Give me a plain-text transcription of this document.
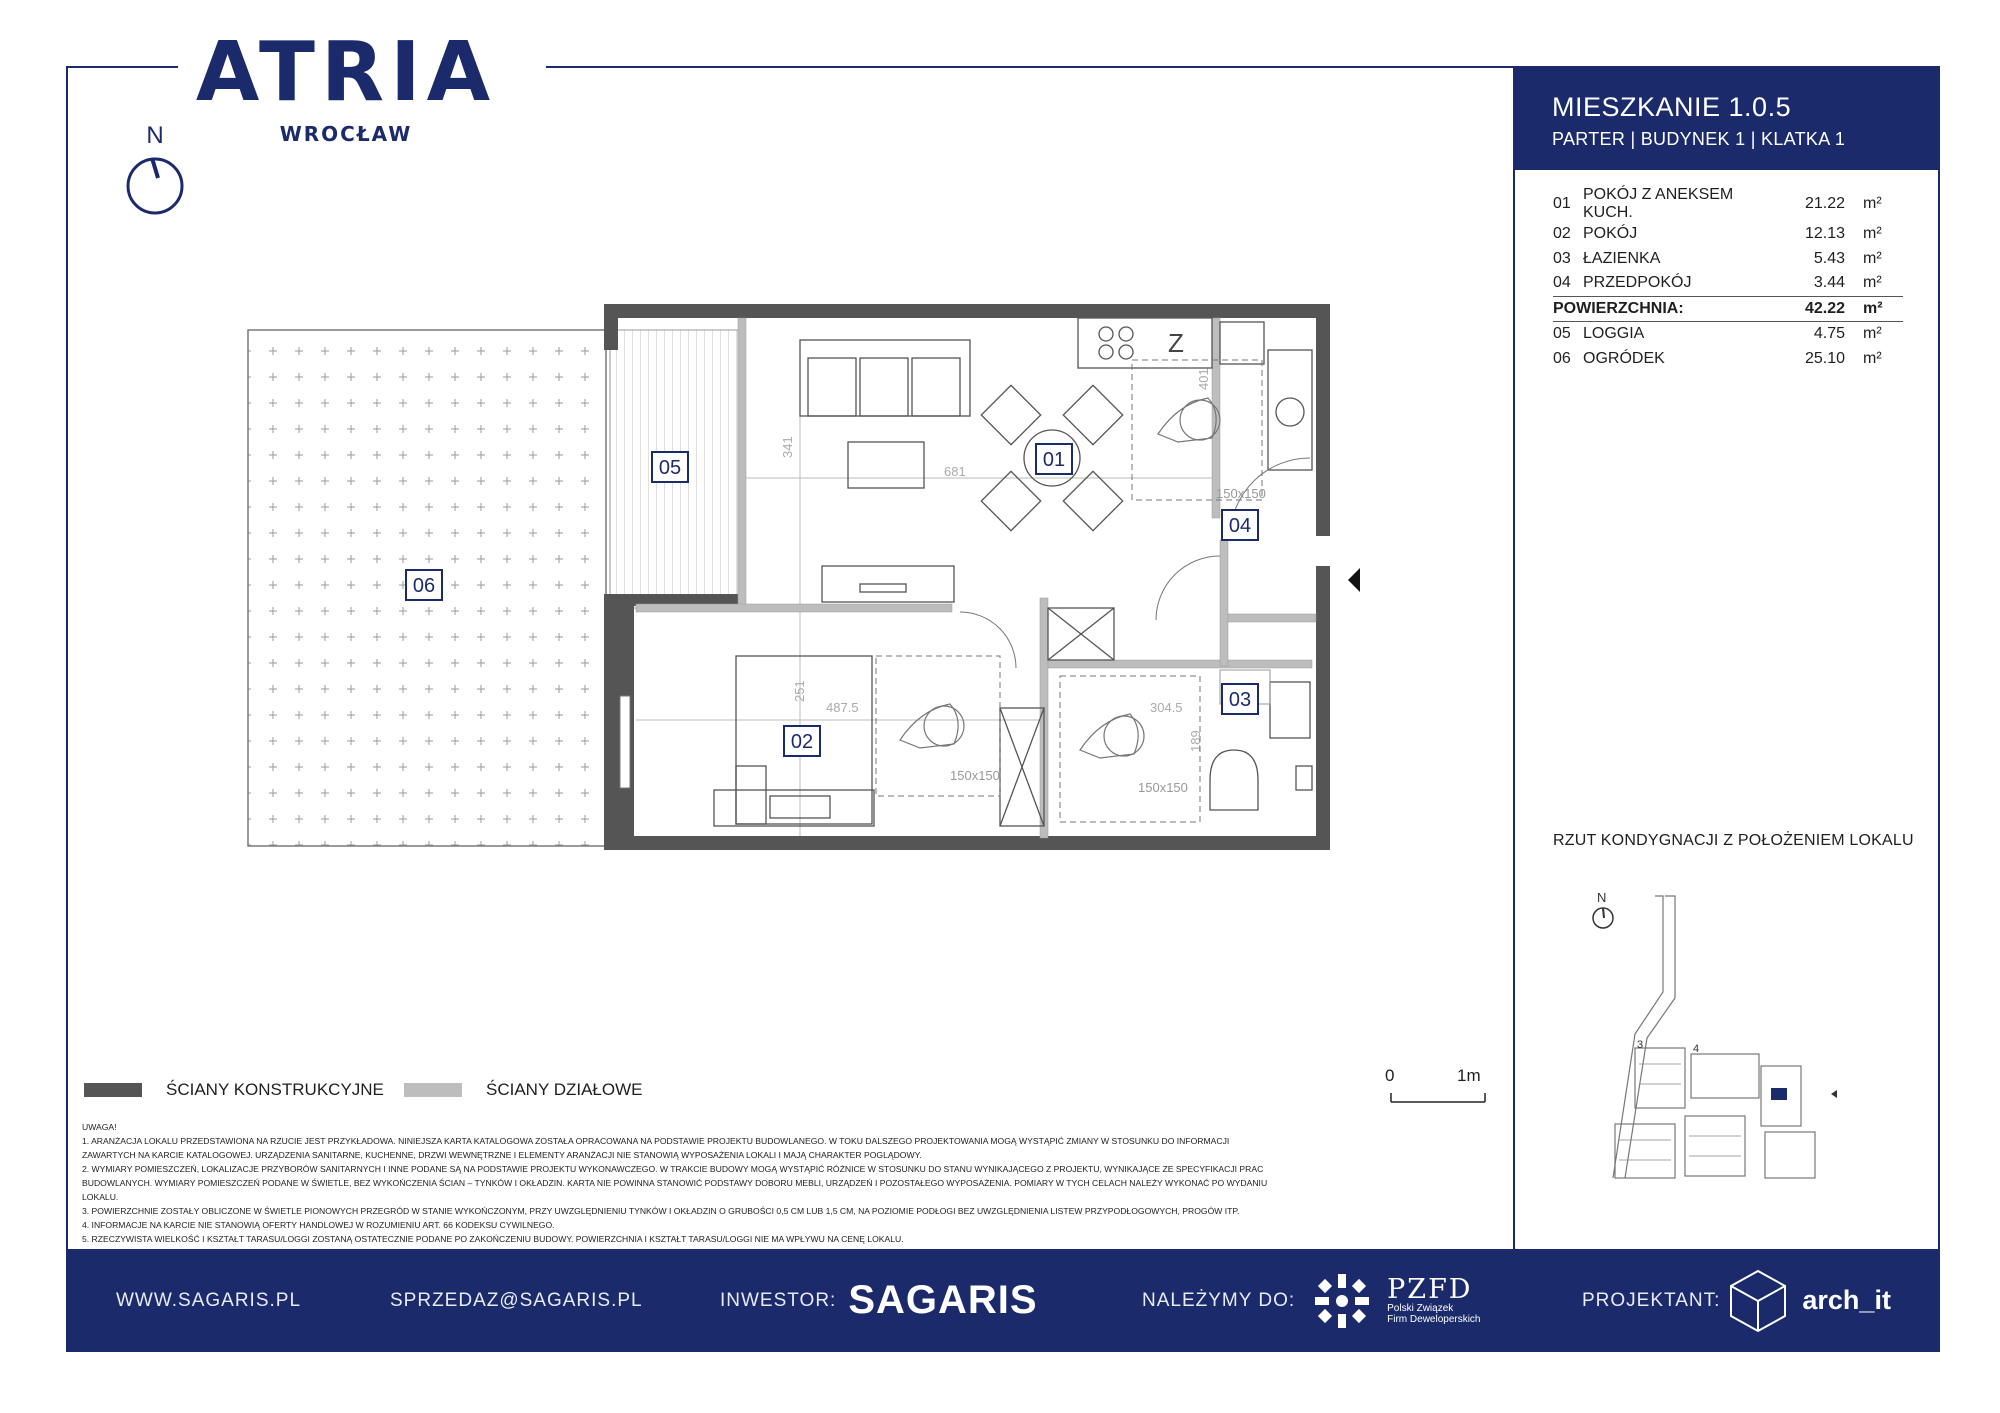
ATRIA
WROCŁAW
N
341
681
401
150x150
251
487.5
150x150
304.5
150x150
189
Z
05	01
04
03
06
02
MIESZKANIE 1.0.5
PARTER | BUDYNEK 1 | KLATKA 1
01	POKÓJ Z ANEKSEM KUCH.	21.22	m²
02	POKÓJ	12.13	m²
03	ŁAZIENKA	5.43	m²
04	PRZEDPOKÓJ	3.44	m²
POWIERZCHNIA:		42.22	m²
05	LOGGIA	4.75	m²
06	OGRÓDEK	25.10	m²
RZUT KONDYGNACJI Z POŁOŻENIEM LOKALU
N
3	4
ŚCIANY KONSTRUKCYJNE	ŚCIANY DZIAŁOWE
0	1m
UWAGA!
1. ARANŻACJA LOKALU PRZEDSTAWIONA NA RZUCIE JEST PRZYKŁADOWA. NINIEJSZA KARTA KATALOGOWA ZOSTAŁA OPRACOWANA NA PODSTAWIE PROJEKTU BUDOWLANEGO. W TOKU DALSZEGO PROJEKTOWANIA MOGĄ WYSTĄPIĆ ZMIANY W STOSUNKU DO INFORMACJI ZAWARTYCH NA KARCIE KATALOGOWEJ. URZĄDZENIA SANITARNE, KUCHENNE, DRZWI WEWNĘTRZNE I ELEMENTY ARANŻACJI NIE STANOWIĄ WYPOSAŻENIA LOKALI I MAJĄ CHARAKTER POGLĄDOWY.
2. WYMIARY POMIESZCZEŃ, LOKALIZACJE PRZYBORÓW SANITARNYCH I INNE PODANE SĄ NA PODSTAWIE PROJEKTU WYKONAWCZEGO. W TRAKCIE BUDOWY MOGĄ WYSTĄPIĆ RÓŻNICE W STOSUNKU DO STANU WYNIKAJĄCEGO Z PROJEKTU, WYNIKAJĄCE ZE SPECYFIKACJI PRAC BUDOWLANYCH. WYMIARY POMIESZCZEŃ PODANE W ŚWIETLE, BEZ WYKOŃCZENIA ŚCIAN – TYNKÓW I OKŁADZIN. KARTA NIE POWINNA STANOWIĆ PODSTAWY DOBORU MEBLI, URZĄDZEŃ I POZOSTAŁEGO WYPOSAŻENIA. POMIARY W TYCH CELACH NALEŻY WYKONAĆ PO WYDANIU LOKALU.
3. POWIERZCHNIE ZOSTAŁY OBLICZONE W ŚWIETLE PIONOWYCH PRZEGRÓD W STANIE WYKOŃCZONYM, PRZY UWZGLĘDNIENIU TYNKÓW I OKŁADZIN O GRUBOŚCI 0,5 CM LUB 1,5 CM, NA POZIOMIE PODŁOGI BEZ UWZGLĘDNIENIA LISTEW PRZYPODŁOGOWYCH, PROGÓW ITP.
4. INFORMACJE NA KARCIE NIE STANOWIĄ OFERTY HANDLOWEJ W ROZUMIENIU ART. 66 KODEKSU CYWILNEGO.
5. RZECZYWISTA WIELKOŚĆ I KSZTAŁT TARASU/LOGGI ZOSTANĄ OSTATECZNIE PODANE PO ZAKOŃCZENIU BUDOWY. POWIERZCHNIA I KSZTAŁT TARASU/LOGGI NIE MA WPŁYWU NA CENĘ LOKALU.
WWW.SAGARIS.PL	SPRZEDAZ@SAGARIS.PL	INWESTOR: SAGARIS	NALEŻYMY DO:	PZFD
Polski Związek
Firm Deweloperskich
PROJEKTANT:	arch_it
